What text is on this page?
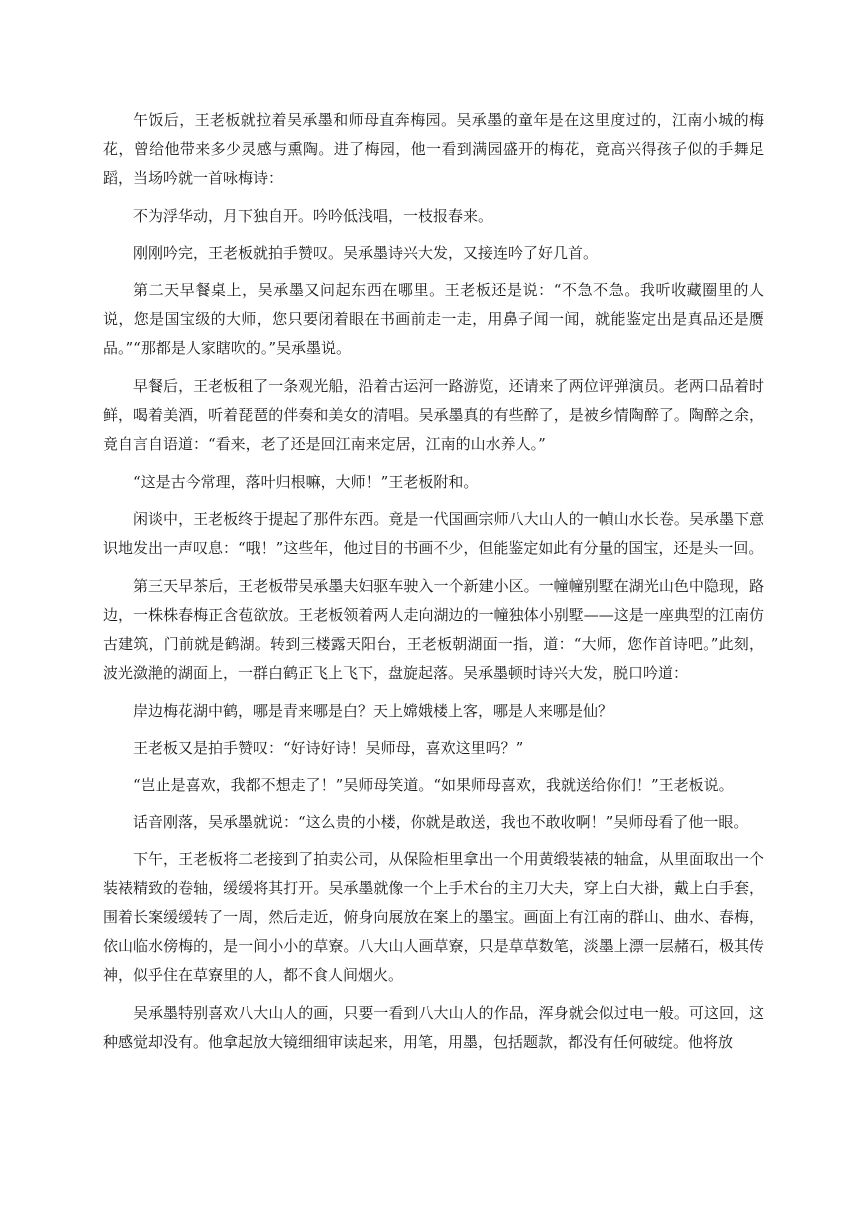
午饭后，王老板就拉着吴承墨和师母直奔梅园。吴承墨的童年是在这里度过的，江南小城的梅花，曾给他带来多少灵感与熏陶。进了梅园，他一看到满园盛开的梅花，竟高兴得孩子似的手舞足蹈，当场吟就一首咏梅诗：

不为浮华动，月下独自开。吟吟低浅唱，一枝报春来。

刚刚吟完，王老板就拍手赞叹。吴承墨诗兴大发，又接连吟了好几首。

第二天早餐桌上，吴承墨又问起东西在哪里。王老板还是说：“不急不急。我听收藏圈里的人说，您是国宝级的大师，您只要闭着眼在书画前走一走，用鼻子闻一闻，就能鉴定出是真品还是赝品。”“那都是人家瞎吹的。”吴承墨说。

早餐后，王老板租了一条观光船，沿着古运河一路游览，还请来了两位评弹演员。老两口品着时鲜，喝着美酒，听着琵琶的伴奏和美女的清唱。吴承墨真的有些醉了，是被乡情陶醉了。陶醉之余，竟自言自语道：“看来，老了还是回江南来定居，江南的山水养人。”

“这是古今常理，落叶归根嘛，大师！”王老板附和。

闲谈中，王老板终于提起了那件东西。竟是一代国画宗师八大山人的一幀山水长卷。吴承墨下意识地发出一声叹息：“哦！”这些年，他过目的书画不少，但能鉴定如此有分量的国宝，还是头一回。

第三天早茶后，王老板带吴承墨夫妇驱车驶入一个新建小区。一幢幢别墅在湖光山色中隐现，路边，一株株春梅正含苞欲放。王老板领着两人走向湖边的一幢独体小别墅——这是一座典型的江南仿古建筑，门前就是鹤湖。转到三楼露天阳台，王老板朝湖面一指，道：“大师，您作首诗吧。”此刻，波光潋滟的湖面上，一群白鹤正飞上飞下，盘旋起落。吴承墨顿时诗兴大发，脱口吟道：

岸边梅花湖中鹤，哪是青来哪是白？天上嫦娥楼上客，哪是人来哪是仙？

王老板又是拍手赞叹：“好诗好诗！吴师母，喜欢这里吗？”

“岂止是喜欢，我都不想走了！”吴师母笑道。“如果师母喜欢，我就送给你们！”王老板说。

话音刚落，吴承墨就说：“这么贵的小楼，你就是敢送，我也不敢收啊！”吴师母看了他一眼。

下午，王老板将二老接到了拍卖公司，从保险柜里拿出一个用黄缎装裱的轴盒，从里面取出一个装裱精致的卷轴，缓缓将其打开。吴承墨就像一个上手术台的主刀大夫，穿上白大褂，戴上白手套，围着长案缓缓转了一周，然后走近，俯身向展放在案上的墨宝。画面上有江南的群山、曲水、春梅，依山临水傍梅的，是一间小小的草寮。八大山人画草寮，只是草草数笔，淡墨上漂一层赭石，极其传神，似乎住在草寮里的人，都不食人间烟火。

吴承墨特别喜欢八大山人的画，只要一看到八大山人的作品，浑身就会似过电一般。可这回，这种感觉却没有。他拿起放大镜细细审读起来，用笔，用墨，包括题款，都没有任何破绽。他将放
